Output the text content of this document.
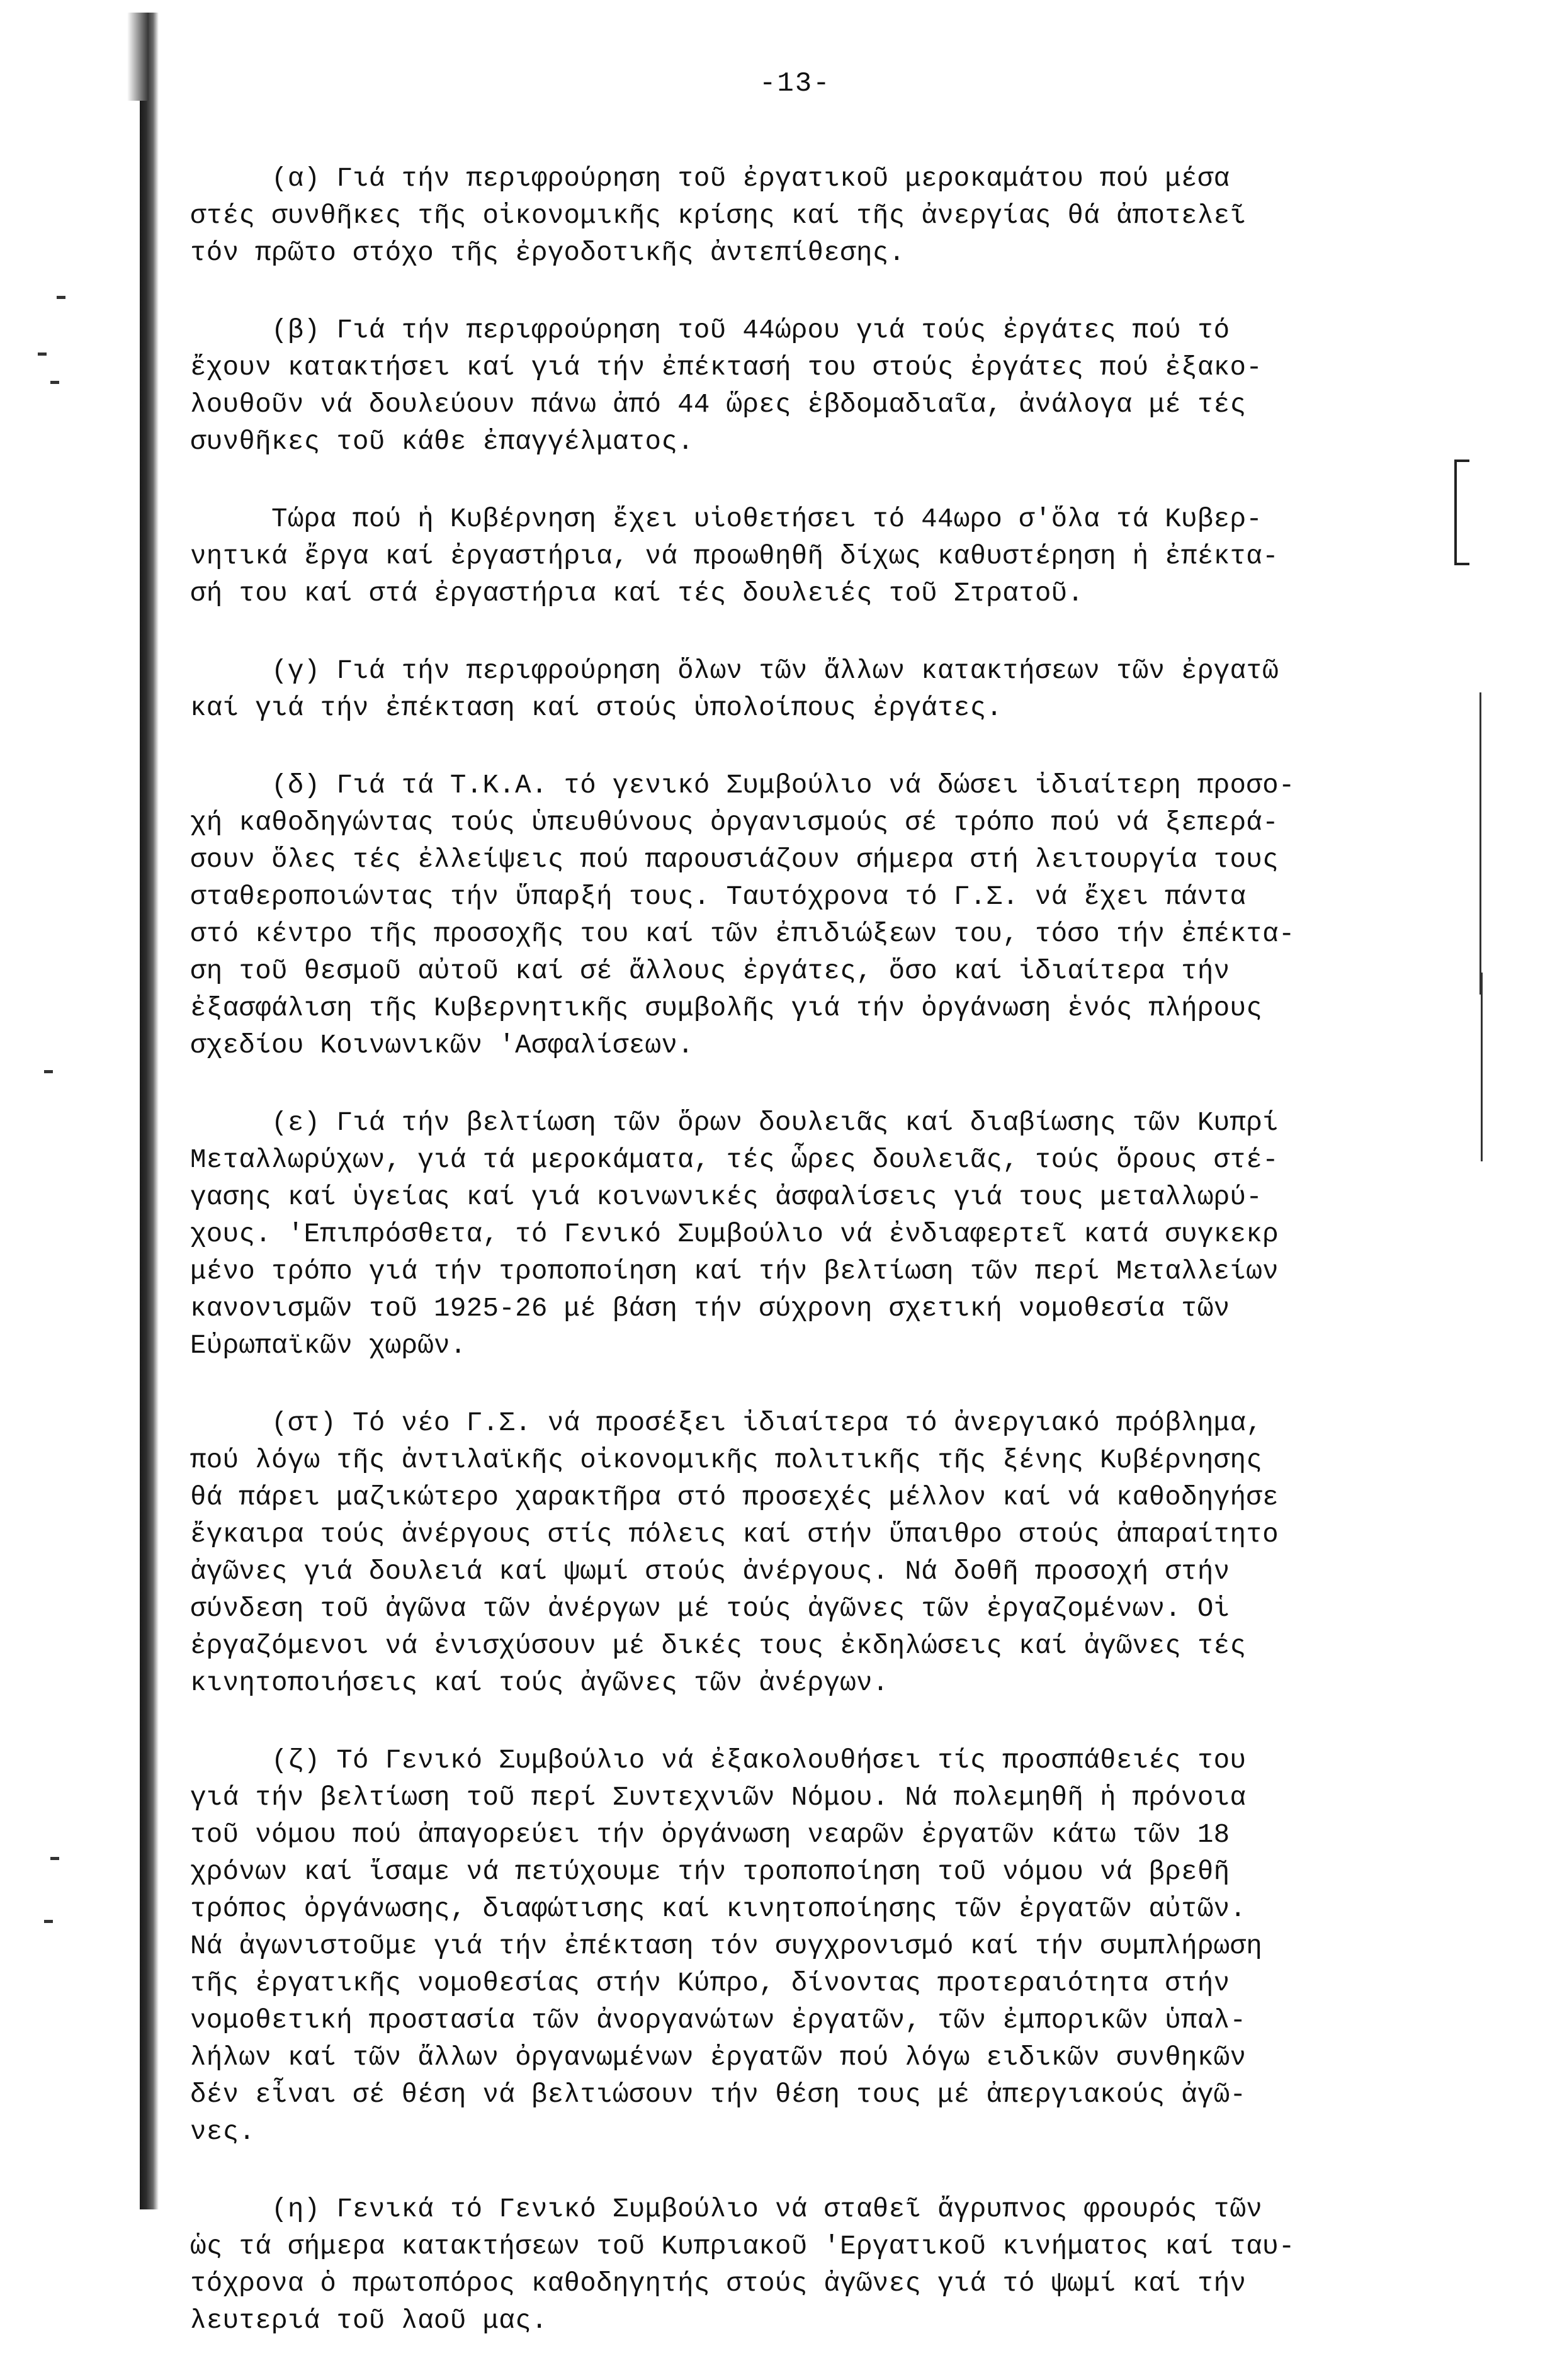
-13-

(α) Γιά τήν περιφρούρηση τοῦ ἐργατικοῦ μεροκαμάτου πού μέσα
στές συνθῆκες τῆς οἰκονομικῆς κρίσης καί τῆς ἀνεργίας θά ἀποτελεῖ
τόν πρῶτο στόχο τῆς ἐργοδοτικῆς ἀντεπίθεσης.

(β) Γιά τήν περιφρούρηση τοῦ 44ώρου γιά τούς ἐργάτες πού τό
ἔχουν κατακτήσει καί γιά τήν ἐπέκτασή του στούς ἐργάτες πού ἐξακο-
λουθοῦν νά δουλεύουν πάνω ἀπό 44 ὥρες ἑβδομαδιαῖα, ἀνάλογα μέ τές
συνθῆκες τοῦ κάθε ἐπαγγέλματος.

Τώρα πού ἡ Κυβέρνηση ἔχει υἱοθετήσει τό 44ωρο σ'ὅλα τά Κυβερ-
νητικά ἔργα καί ἐργαστήρια, νά προωθηθῆ δίχως καθυστέρηση ἡ ἐπέκτα-
σή του καί στά ἐργαστήρια καί τές δουλειές τοῦ Στρατοῦ.

(γ) Γιά τήν περιφρούρηση ὅλων τῶν ἄλλων κατακτήσεων τῶν ἐργατῶ
καί γιά τήν ἐπέκταση καί στούς ὑπολοίπους ἐργάτες.

(δ) Γιά τά Τ.Κ.Α. τό γενικό Συμβούλιο νά δώσει ἰδιαίτερη προσο-
χή καθοδηγώντας τούς ὑπευθύνους ὀργανισμούς σέ τρόπο πού νά ξεπερά-
σουν ὅλες τές ἐλλείψεις πού παρουσιάζουν σήμερα στή λειτουργία τους
σταθεροποιώντας τήν ὕπαρξή τους. Ταυτόχρονα τό Γ.Σ. νά ἔχει πάντα
στό κέντρο τῆς προσοχῆς του καί τῶν ἐπιδιώξεων του, τόσο τήν ἐπέκτα-
ση τοῦ θεσμοῦ αὐτοῦ καί σέ ἄλλους ἐργάτες, ὅσο καί ἰδιαίτερα τήν
ἐξασφάλιση τῆς Κυβερνητικῆς συμβολῆς γιά τήν ὀργάνωση ἑνός πλήρους
σχεδίου Κοινωνικῶν 'Ασφαλίσεων.

(ε) Γιά τήν βελτίωση τῶν ὅρων δουλειᾶς καί διαβίωσης τῶν Κυπρί
Μεταλλωρύχων, γιά τά μεροκάματα, τές ὧρες δουλειᾶς, τούς ὅρους στέ-
γασης καί ὑγείας καί γιά κοινωνικές ἀσφαλίσεις γιά τους μεταλλωρύ-
χους. 'Επιπρόσθετα, τό Γενικό Συμβούλιο νά ἐνδιαφερτεῖ κατά συγκεκρ
μένο τρόπο γιά τήν τροποποίηση καί τήν βελτίωση τῶν περί Μεταλλείων
κανονισμῶν τοῦ 1925-26 μέ βάση τήν σύχρονη σχετική νομοθεσία τῶν
Εὐρωπαϊκῶν χωρῶν.

(στ) Τό νέο Γ.Σ. νά προσέξει ἰδιαίτερα τό ἀνεργιακό πρόβλημα,
πού λόγω τῆς ἀντιλαϊκῆς οἰκονομικῆς πολιτικῆς τῆς ξένης Κυβέρνησης
θά πάρει μαζικώτερο χαρακτῆρα στό προσεχές μέλλον καί νά καθοδηγήσε
ἔγκαιρα τούς ἀνέργους στίς πόλεις καί στήν ὕπαιθρο στούς ἀπαραίτητο
ἀγῶνες γιά δουλειά καί ψωμί στούς ἀνέργους. Νά δοθῆ προσοχή στήν
σύνδεση τοῦ ἀγῶνα τῶν ἀνέργων μέ τούς ἀγῶνες τῶν ἐργαζομένων. Οἱ
ἐργαζόμενοι νά ἐνισχύσουν μέ δικές τους ἐκδηλώσεις καί ἀγῶνες τές
κινητοποιήσεις καί τούς ἀγῶνες τῶν ἀνέργων.

(ζ) Τό Γενικό Συμβούλιο νά ἐξακολουθήσει τίς προσπάθειές του
γιά τήν βελτίωση τοῦ περί Συντεχνιῶν Νόμου. Νά πολεμηθῆ ἡ πρόνοια
τοῦ νόμου πού ἀπαγορεύει τήν ὀργάνωση νεαρῶν ἐργατῶν κάτω τῶν 18
χρόνων καί ἴσαμε νά πετύχουμε τήν τροποποίηση τοῦ νόμου νά βρεθῆ
τρόπος ὀργάνωσης, διαφώτισης καί κινητοποίησης τῶν ἐργατῶν αὐτῶν.
Νά ἀγωνιστοῦμε γιά τήν ἐπέκταση τόν συγχρονισμό καί τήν συμπλήρωση
τῆς ἐργατικῆς νομοθεσίας στήν Κύπρο, δίνοντας προτεραιότητα στήν
νομοθετική προστασία τῶν ἀνοργανώτων ἐργατῶν, τῶν ἐμπορικῶν ὑπαλ-
λήλων καί τῶν ἄλλων ὀργανωμένων ἐργατῶν πού λόγω ειδικῶν συνθηκῶν
δέν εἶναι σέ θέση νά βελτιώσουν τήν θέση τους μέ ἀπεργιακούς ἀγῶ-
νες.

(η) Γενικά τό Γενικό Συμβούλιο νά σταθεῖ ἄγρυπνος φρουρός τῶν
ὡς τά σήμερα κατακτήσεων τοῦ Κυπριακοῦ 'Εργατικοῦ κινήματος καί ταυ-
τόχρονα ὁ πρωτοπόρος καθοδηγητής στούς ἀγῶνες γιά τό ψωμί καί τήν
λευτεριά τοῦ λαοῦ μας.
